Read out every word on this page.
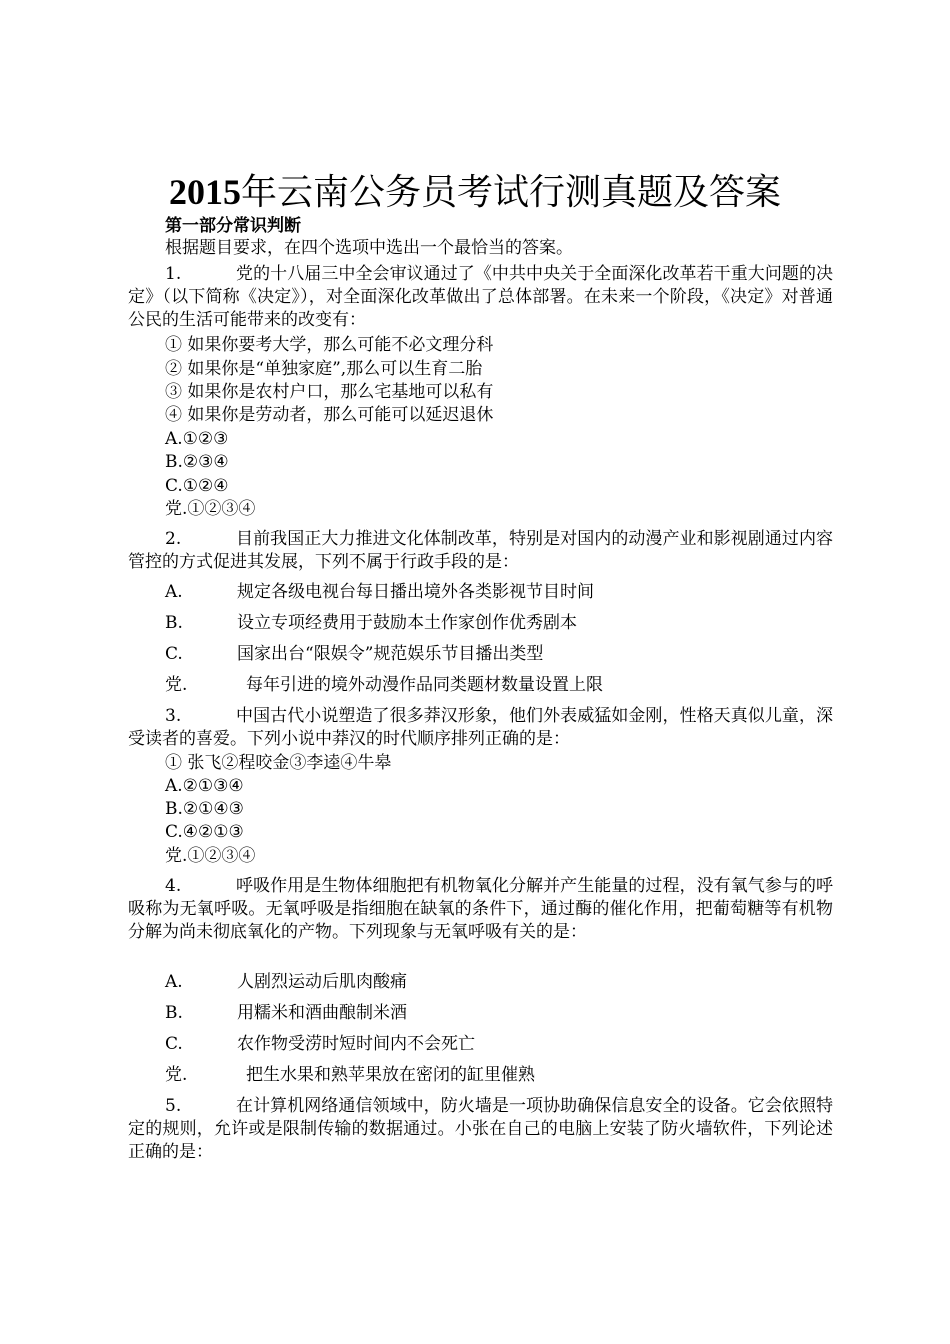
2015年云南公务员考试行测真题及答案
第一部分常识判断
根据题目要求，在四个选项中选出一个最恰当的答案。
1.	党的十八届三中全会审议通过了《中共中央关于全面深化改革若干重大问题的决定》（以下简称《决定》），对全面深化改革做出了总体部署。在未来一个阶段，《决定》对普通公民的生活可能带来的改变有：
① 如果你要考大学，那么可能不必文理分科
② 如果你是“单独家庭”,那么可以生育二胎
③ 如果你是农村户口，那么宅基地可以私有
④ 如果你是劳动者，那么可能可以延迟退休
A.①②③
B.②③④
C.①②④
党.①②③④
2.	目前我国正大力推进文化体制改革，特别是对国内的动漫产业和影视剧通过内容管控的方式促进其发展，下列不属于行政手段的是：
A.	规定各级电视台每日播出境外各类影视节目时间
B.	设立专项经费用于鼓励本土作家创作优秀剧本
C.	国家出台“限娱令”规范娱乐节目播出类型
党.	每年引进的境外动漫作品同类题材数量设置上限
3.	中国古代小说塑造了很多莽汉形象，他们外表威猛如金刚，性格天真似儿童，深受读者的喜爱。下列小说中莽汉的时代顺序排列正确的是：
① 张飞②程咬金③李逵④牛皋
A.②①③④
B.②①④③
C.④②①③
党.①②③④
4.	呼吸作用是生物体细胞把有机物氧化分解并产生能量的过程，没有氧气参与的呼吸称为无氧呼吸。无氧呼吸是指细胞在缺氧的条件下，通过酶的催化作用，把葡萄糖等有机物分解为尚未彻底氧化的产物。下列现象与无氧呼吸有关的是：
A.	人剧烈运动后肌肉酸痛
B.	用糯米和酒曲酿制米酒
C.	农作物受涝时短时间内不会死亡
党.	把生水果和熟苹果放在密闭的缸里催熟
5.	在计算机网络通信领域中，防火墙是一项协助确保信息安全的设备。它会依照特定的规则，允许或是限制传输的数据通过。小张在自己的电脑上安装了防火墙软件，下列论述正确的是：
